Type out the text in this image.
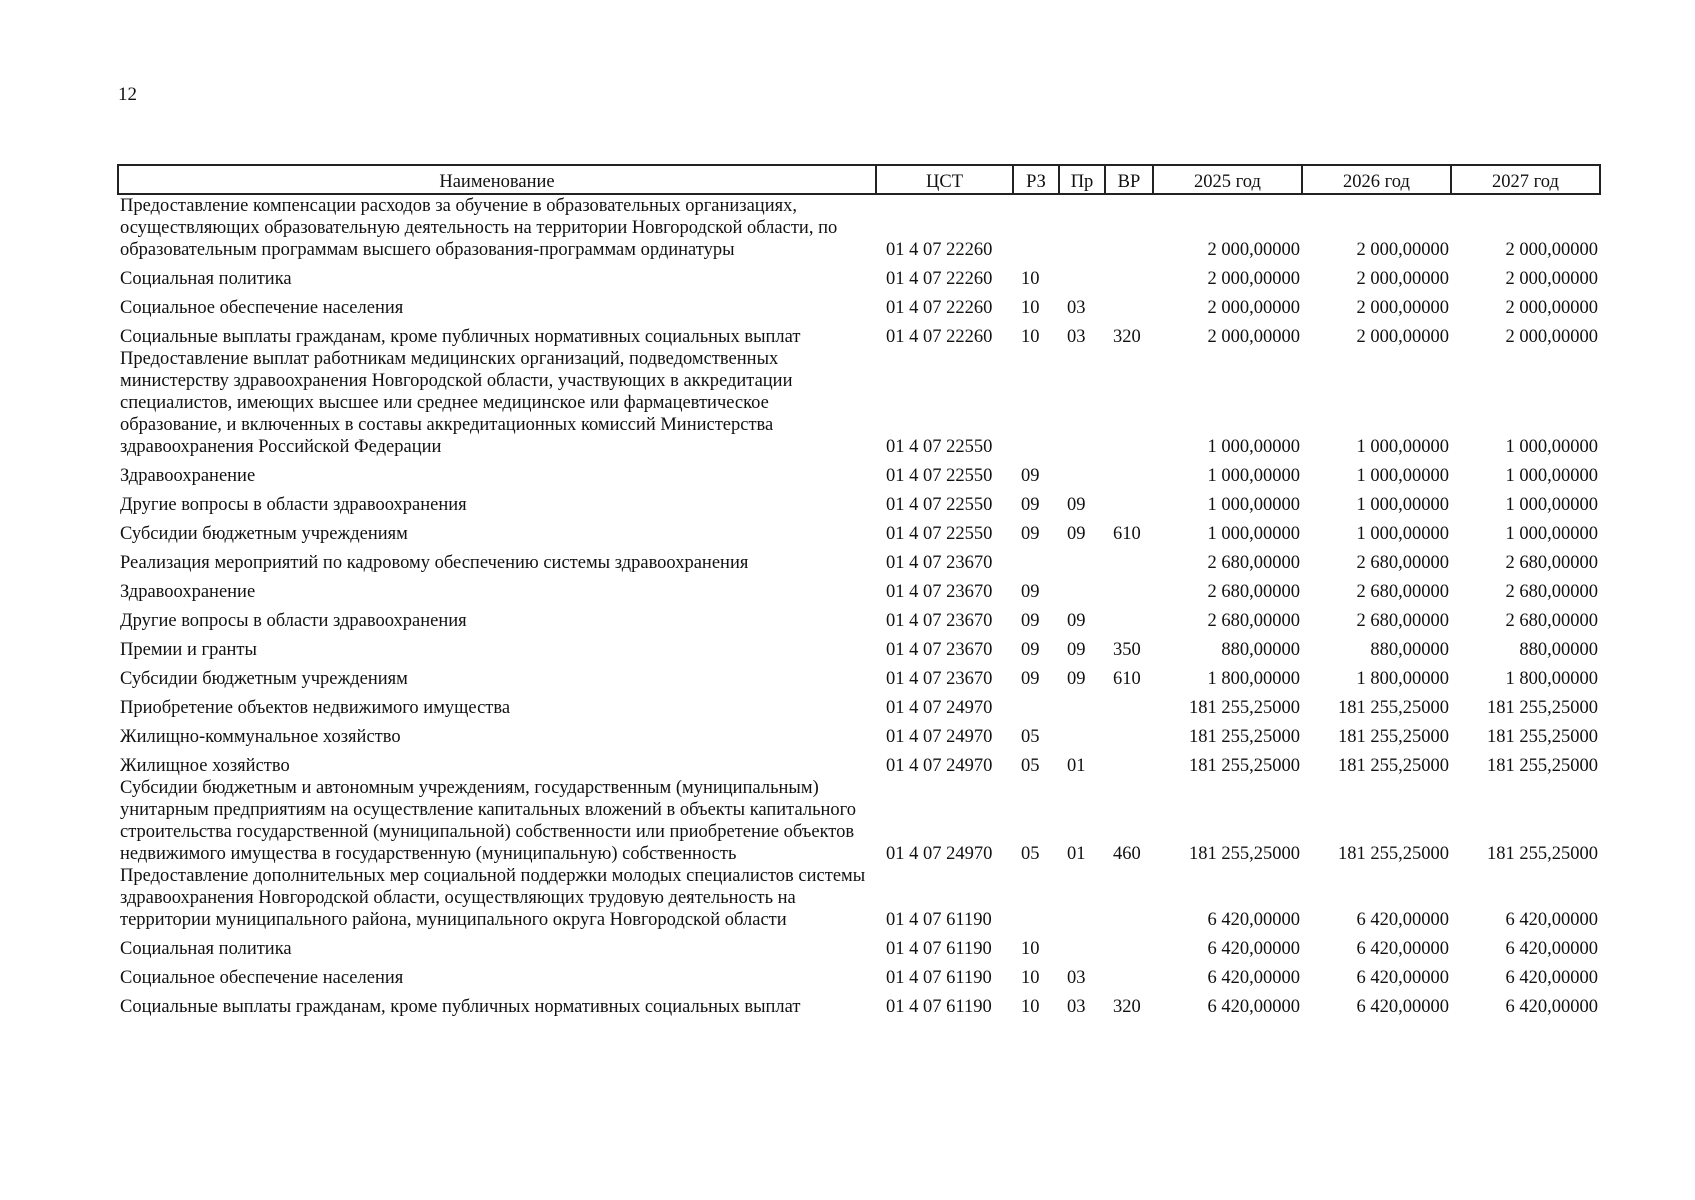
12
Наименование	ЦСТ	РЗ	Пр	ВР	2025 год	2026 год	2027 год
Предоставление компенсации расходов за обучение в образовательных организациях, осуществляющих образовательную деятельность на территории Новгородской области, по образовательным программам высшего образования-программам ординатуры	01 4 07 22260				2 000,00000	2 000,00000	2 000,00000
Социальная политика	01 4 07 22260	10			2 000,00000	2 000,00000	2 000,00000
Социальное обеспечение населения	01 4 07 22260	10	03		2 000,00000	2 000,00000	2 000,00000
Социальные выплаты гражданам, кроме публичных нормативных социальных выплат	01 4 07 22260	10	03	320	2 000,00000	2 000,00000	2 000,00000
Предоставление выплат работникам медицинских организаций, подведомственных министерству здравоохранения Новгородской области, участвующих в аккредитации специалистов, имеющих высшее или среднее медицинское или фармацевтическое образование, и включенных в составы аккредитационных комиссий Министерства здравоохранения Российской Федерации	01 4 07 22550				1 000,00000	1 000,00000	1 000,00000
Здравоохранение	01 4 07 22550	09			1 000,00000	1 000,00000	1 000,00000
Другие вопросы в области здравоохранения	01 4 07 22550	09	09		1 000,00000	1 000,00000	1 000,00000
Субсидии бюджетным учреждениям	01 4 07 22550	09	09	610	1 000,00000	1 000,00000	1 000,00000
Реализация мероприятий по кадровому обеспечению системы здравоохранения	01 4 07 23670				2 680,00000	2 680,00000	2 680,00000
Здравоохранение	01 4 07 23670	09			2 680,00000	2 680,00000	2 680,00000
Другие вопросы в области здравоохранения	01 4 07 23670	09	09		2 680,00000	2 680,00000	2 680,00000
Премии и гранты	01 4 07 23670	09	09	350	880,00000	880,00000	880,00000
Субсидии бюджетным учреждениям	01 4 07 23670	09	09	610	1 800,00000	1 800,00000	1 800,00000
Приобретение объектов недвижимого имущества	01 4 07 24970				181 255,25000	181 255,25000	181 255,25000
Жилищно-коммунальное хозяйство	01 4 07 24970	05			181 255,25000	181 255,25000	181 255,25000
Жилищное хозяйство	01 4 07 24970	05	01		181 255,25000	181 255,25000	181 255,25000
Субсидии бюджетным и автономным учреждениям, государственным (муниципальным) унитарным предприятиям на осуществление капитальных вложений в объекты капитального строительства государственной (муниципальной) собственности или приобретение объектов недвижимого имущества в государственную (муниципальную) собственность	01 4 07 24970	05	01	460	181 255,25000	181 255,25000	181 255,25000
Предоставление дополнительных мер социальной поддержки молодых специалистов системы здравоохранения Новгородской области, осуществляющих трудовую деятельность на территории муниципального района, муниципального округа Новгородской области	01 4 07 61190				6 420,00000	6 420,00000	6 420,00000
Социальная политика	01 4 07 61190	10			6 420,00000	6 420,00000	6 420,00000
Социальное обеспечение населения	01 4 07 61190	10	03		6 420,00000	6 420,00000	6 420,00000
Социальные выплаты гражданам, кроме публичных нормативных социальных выплат	01 4 07 61190	10	03	320	6 420,00000	6 420,00000	6 420,00000
